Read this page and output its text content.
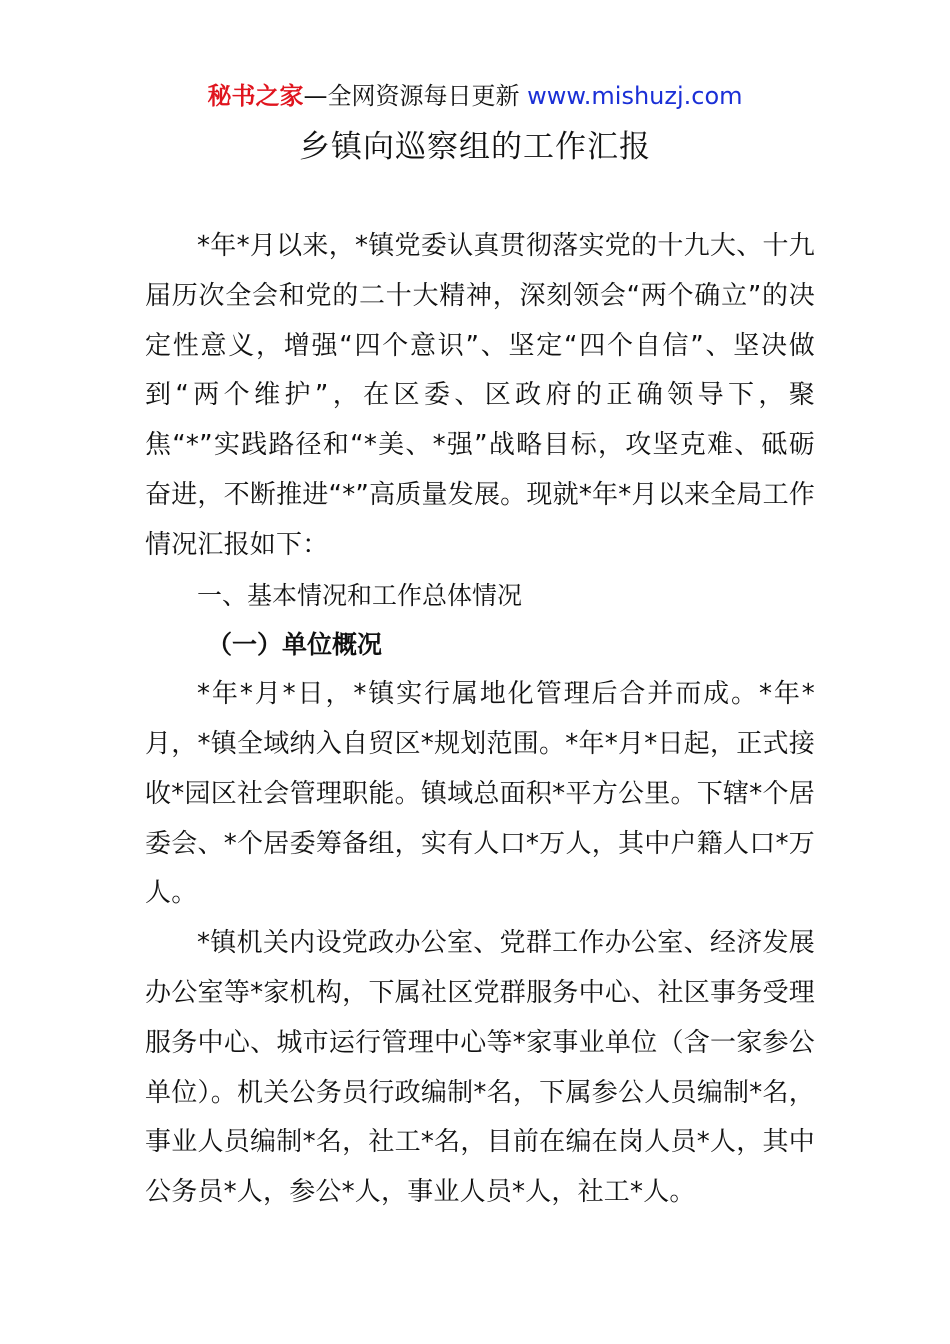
秘书之家—全网资源每日更新 www.mishuzj.com
乡镇向巡察组的工作汇报

*年*月以来，*镇党委认真贯彻落实党的十九大、十九届历次全会和党的二十大精神，深刻领会“两个确立”的决定性意义，增强“四个意识”、坚定“四个自信”、坚决做到“两个维护”，在区委、区政府的正确领导下，聚焦“*”实践路径和“*美、*强”战略目标，攻坚克难、砥砺奋进，不断推进“*”高质量发展。现就*年*月以来全局工作情况汇报如下：

一、基本情况和工作总体情况

（一）单位概况

*年*月*日，*镇实行属地化管理后合并而成。*年*月，*镇全域纳入自贸区*规划范围。*年*月*日起，正式接收*园区社会管理职能。镇域总面积*平方公里。下辖*个居委会、*个居委筹备组，实有人口*万人，其中户籍人口*万人。

*镇机关内设党政办公室、党群工作办公室、经济发展办公室等*家机构，下属社区党群服务中心、社区事务受理服务中心、城市运行管理中心等*家事业单位（含一家参公单位）。机关公务员行政编制*名，下属参公人员编制*名，事业人员编制*名，社工*名，目前在编在岗人员*人，其中公务员*人，参公*人，事业人员*人，社工*人。
